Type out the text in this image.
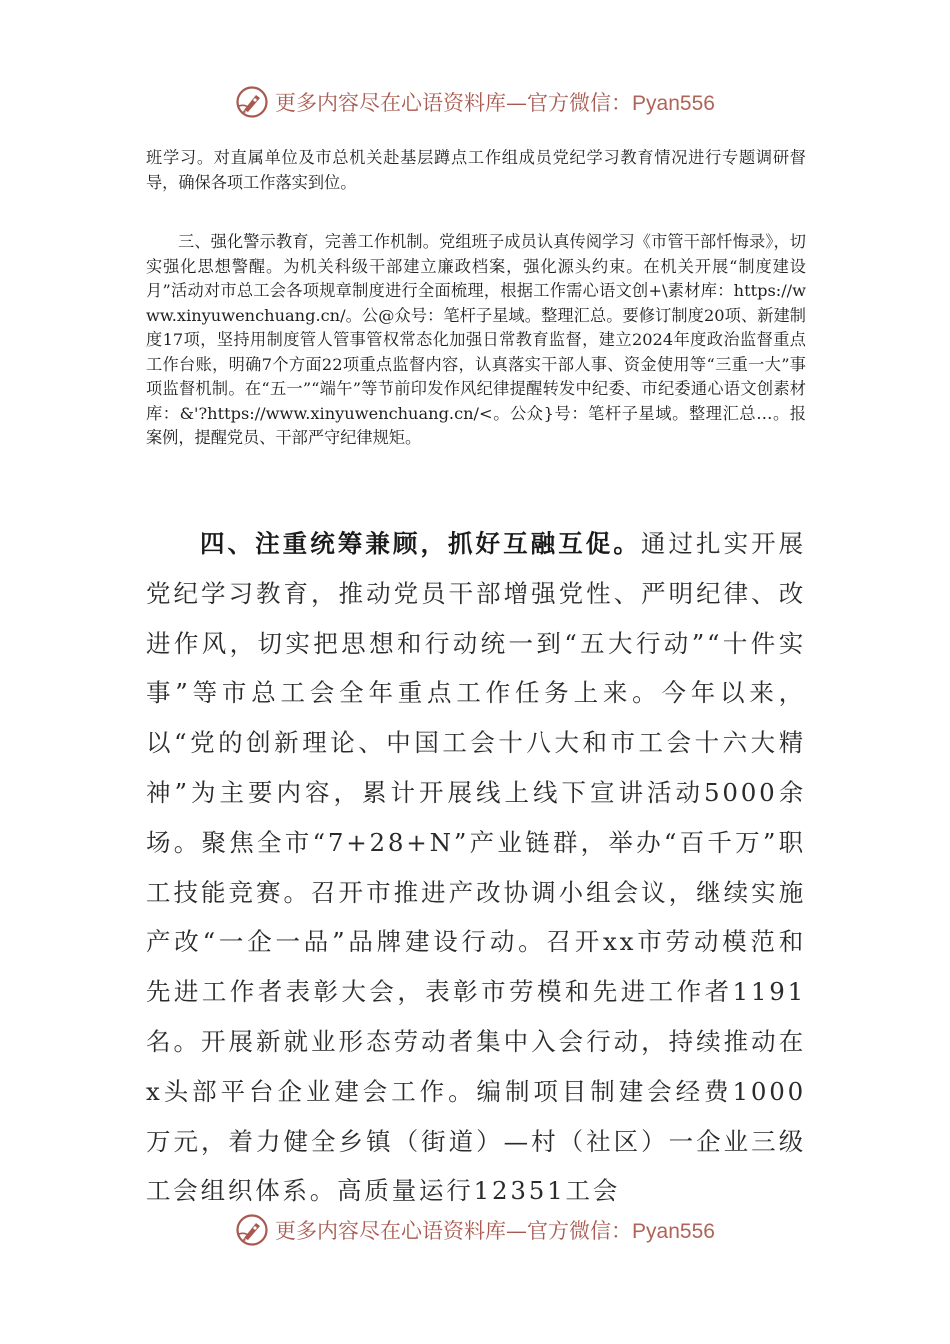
更多内容尽在心语资料库—官方微信：Pyan556

班学习。对直属单位及市总机关赴基层蹲点工作组成员党纪学习教育情况进行专题调研督导，确保各项工作落实到位。

三、强化警示教育，完善工作机制。党组班子成员认真传阅学习《市管干部忏悔录》，切实强化思想警醒。为机关科级干部建立廉政档案，强化源头约束。在机关开展“制度建设月”活动对市总工会各项规章制度进行全面梳理，根据工作需心语文创+\素材库：https://www.xinyuwenchuang.cn/。公@众号：笔杆子星域。整理汇总。要修订制度20项、新建制度17项，坚持用制度管人管事管权常态化加强日常教育监督，建立2024年度政治监督重点工作台账，明确7个方面22项重点监督内容，认真落实干部人事、资金使用等“三重一大”事项监督机制。在“五一”“端午”等节前印发作风纪律提醒转发中纪委、市纪委通心语文创素材库：&'?https://www.xinyuwenchuang.cn/<。公众}号：笔杆子星域。整理汇总…。报案例，提醒党员、干部严守纪律规矩。

四、注重统筹兼顾，抓好互融互促。通过扎实开展党纪学习教育，推动党员干部增强党性、严明纪律、改进作风，切实把思想和行动统一到“五大行动”“十件实事”等市总工会全年重点工作任务上来。今年以来，以“党的创新理论、中国工会十八大和市工会十六大精神”为主要内容，累计开展线上线下宣讲活动5000余场。聚焦全市“7+28+N”产业链群，举办“百千万”职工技能竞赛。召开市推进产改协调小组会议，继续实施产改“一企一品”品牌建设行动。召开xx市劳动模范和先进工作者表彰大会，表彰市劳模和先进工作者1191名。开展新就业形态劳动者集中入会行动，持续推动在x头部平台企业建会工作。编制项目制建会经费1000万元，着力健全乡镇（街道）—村（社区）一企业三级工会组织体系。高质量运行12351工会

更多内容尽在心语资料库—官方微信：Pyan556
